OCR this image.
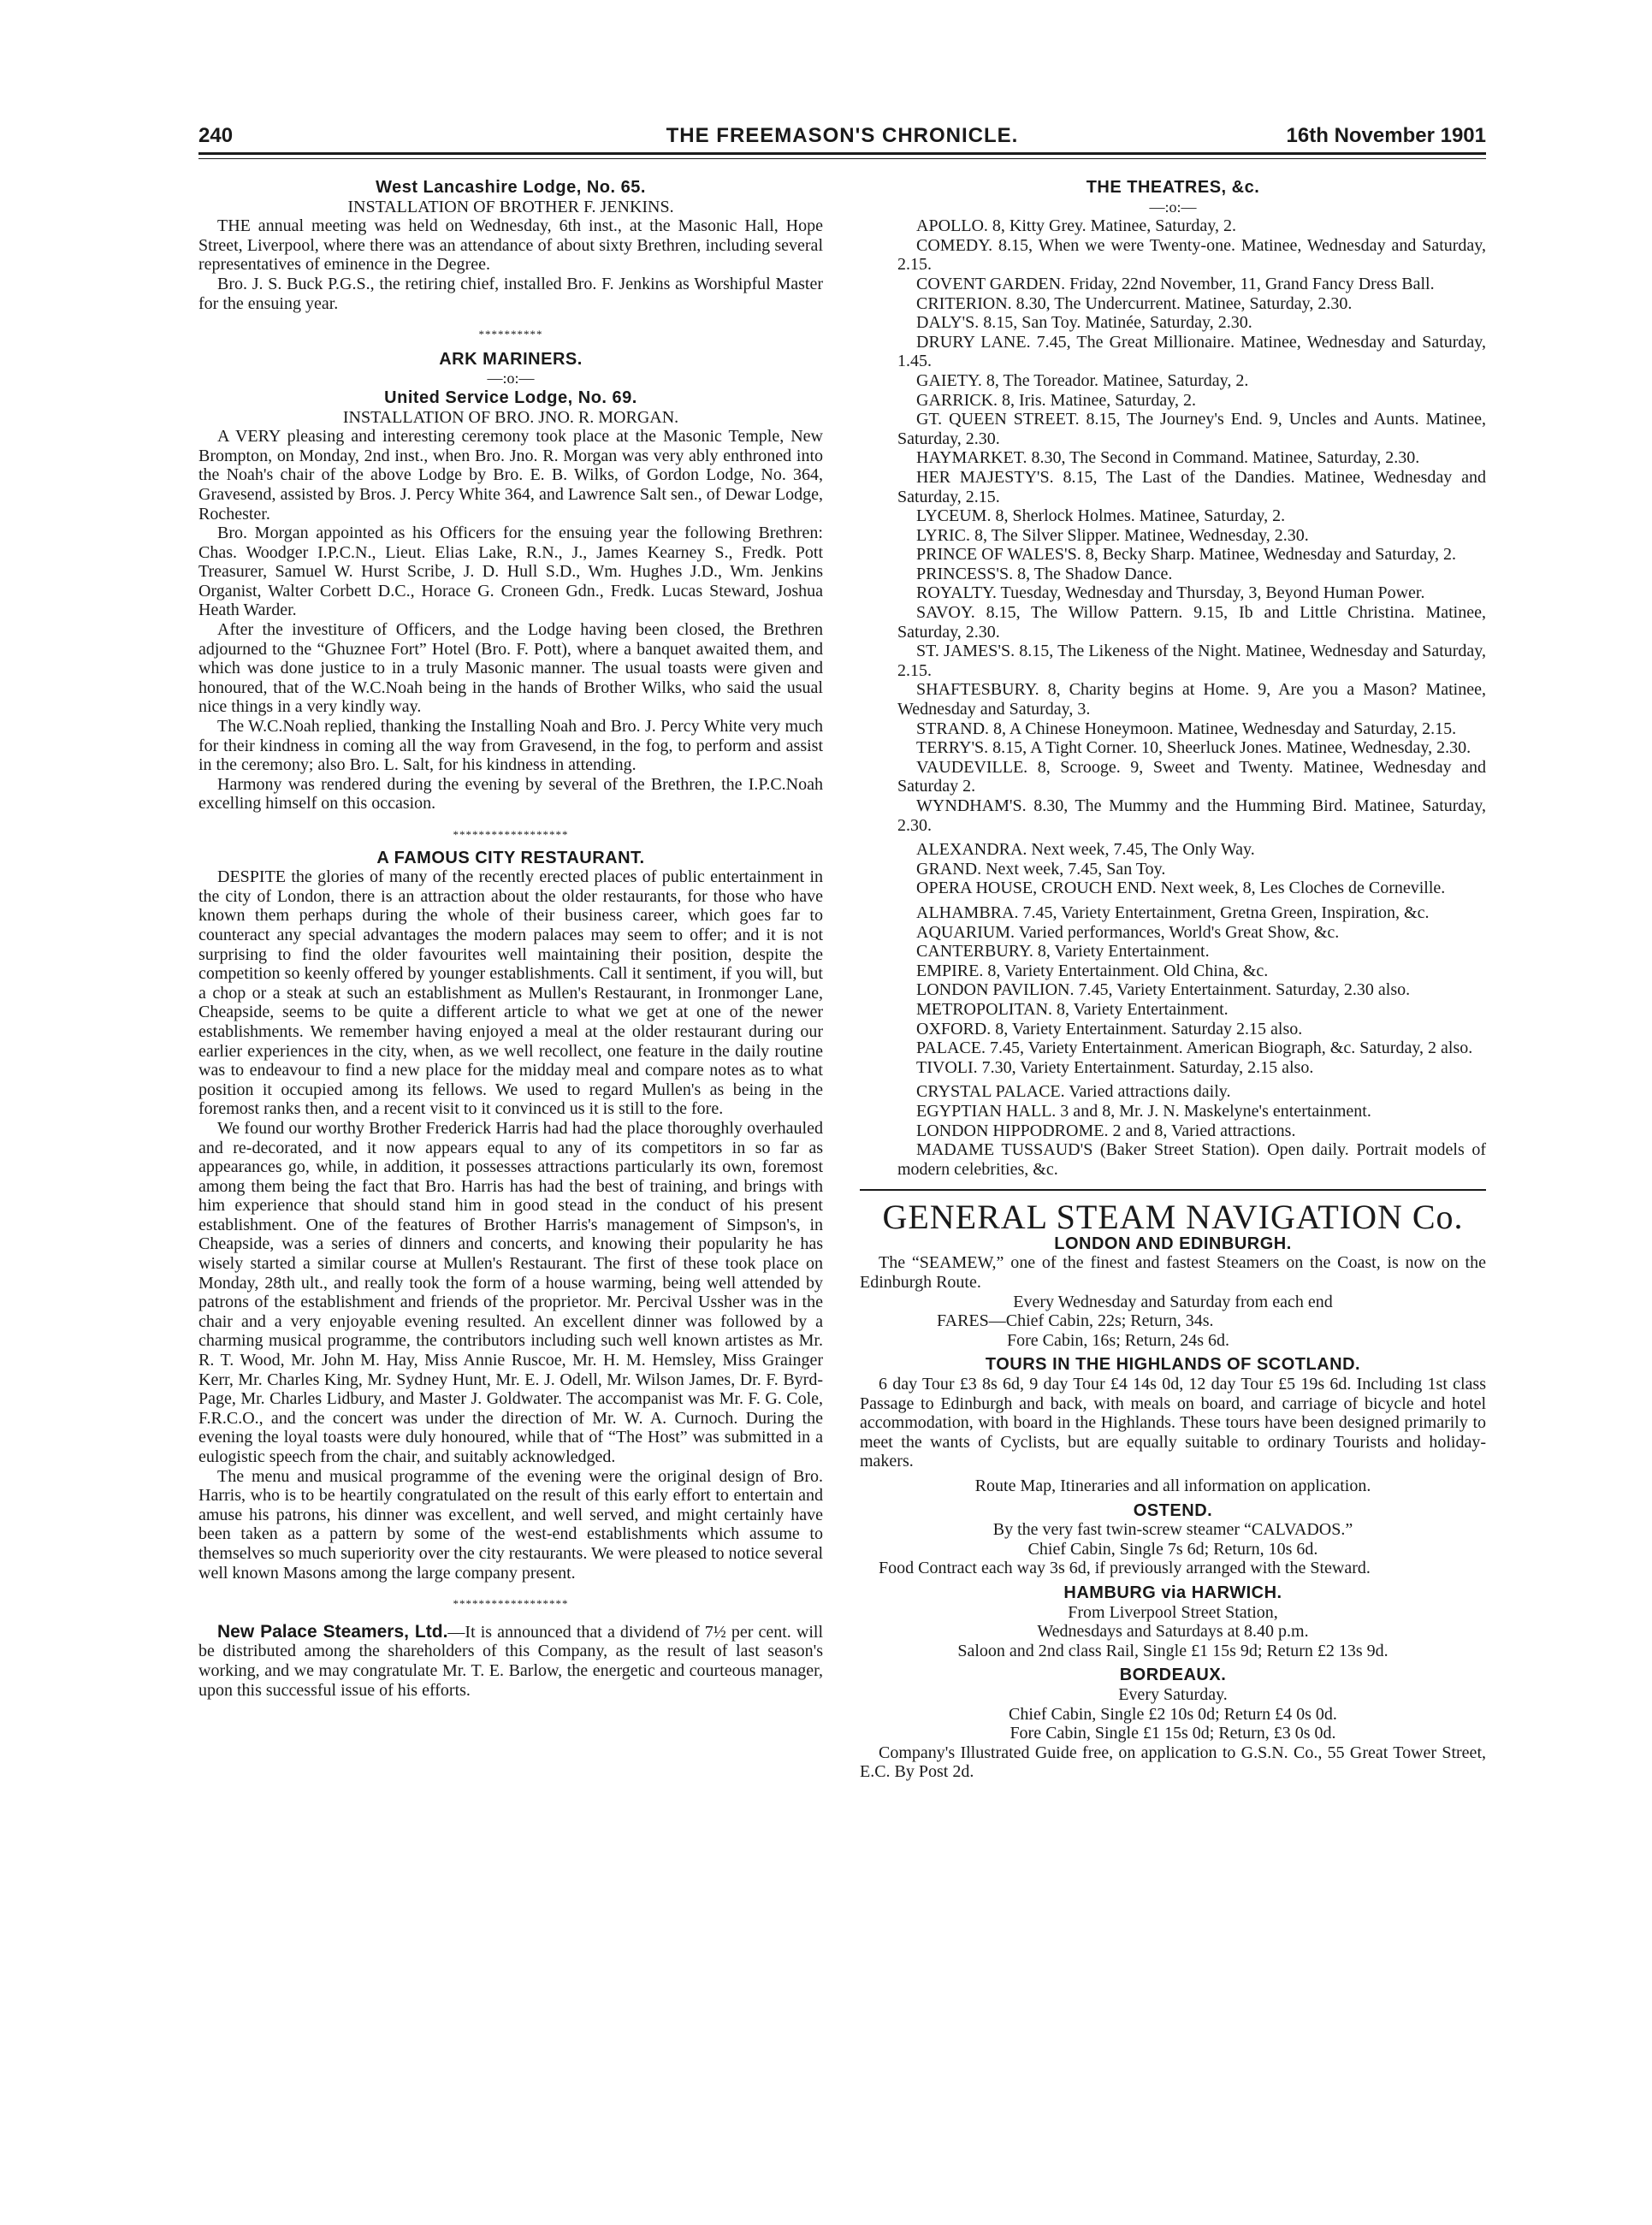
240	THE FREEMASON'S CHRONICLE.	16th November 1901
West Lancashire Lodge, No. 65.
INSTALLATION OF BROTHER F. JENKINS.

THE annual meeting was held on Wednesday, 6th inst., at the Masonic Hall, Hope Street, Liverpool, where there was an attendance of about sixty Brethren, including several representatives of eminence in the Degree.

Bro. J. S. Buck P.G.S., the retiring chief, installed Bro. F. Jenkins as Worshipful Master for the ensuing year.

**********
ARK MARINERS.
—:o:—
United Service Lodge, No. 69.
INSTALLATION OF BRO. JNO. R. MORGAN.

A VERY pleasing and interesting ceremony took place at the Masonic Temple, New Brompton, on Monday, 2nd inst., when Bro. Jno. R. Morgan was very ably enthroned into the Noah's chair of the above Lodge by Bro. E. B. Wilks, of Gordon Lodge, No. 364, Gravesend, assisted by Bros. J. Percy White 364, and Lawrence Salt sen., of Dewar Lodge, Rochester.

Bro. Morgan appointed as his Officers for the ensuing year the following Brethren: Chas. Woodger I.P.C.N., Lieut. Elias Lake, R.N., J., James Kearney S., Fredk. Pott Treasurer, Samuel W. Hurst Scribe, J. D. Hull S.D., Wm. Hughes J.D., Wm. Jenkins Organist, Walter Corbett D.C., Horace G. Croneen Gdn., Fredk. Lucas Steward, Joshua Heath Warder.

After the investiture of Officers, and the Lodge having been closed, the Brethren adjourned to the “Ghuznee Fort” Hotel (Bro. F. Pott), where a banquet awaited them, and which was done justice to in a truly Masonic manner. The usual toasts were given and honoured, that of the W.C.Noah being in the hands of Brother Wilks, who said the usual nice things in a very kindly way.

The W.C.Noah replied, thanking the Installing Noah and Bro. J. Percy White very much for their kindness in coming all the way from Gravesend, in the fog, to perform and assist in the ceremony; also Bro. L. Salt, for his kindness in attending.

Harmony was rendered during the evening by several of the Brethren, the I.P.C.Noah excelling himself on this occasion.

******************
A FAMOUS CITY RESTAURANT.

DESPITE the glories of many of the recently erected places of public entertainment in the city of London, there is an attraction about the older restaurants, for those who have known them perhaps during the whole of their business career, which goes far to counteract any special advantages the modern palaces may seem to offer; and it is not surprising to find the older favourites well maintaining their position, despite the competition so keenly offered by younger establishments. Call it sentiment, if you will, but a chop or a steak at such an establishment as Mullen's Restaurant, in Ironmonger Lane, Cheapside, seems to be quite a different article to what we get at one of the newer establishments. We remember having enjoyed a meal at the older restaurant during our earlier experiences in the city, when, as we well recollect, one feature in the daily routine was to endeavour to find a new place for the midday meal and compare notes as to what position it occupied among its fellows. We used to regard Mullen's as being in the foremost ranks then, and a recent visit to it convinced us it is still to the fore.

We found our worthy Brother Frederick Harris had had the place thoroughly overhauled and re-decorated, and it now appears equal to any of its competitors in so far as appearances go, while, in addition, it possesses attractions particularly its own, foremost among them being the fact that Bro. Harris has had the best of training, and brings with him experience that should stand him in good stead in the conduct of his present establishment. One of the features of Brother Harris's management of Simpson's, in Cheapside, was a series of dinners and concerts, and knowing their popularity he has wisely started a similar course at Mullen's Restaurant. The first of these took place on Monday, 28th ult., and really took the form of a house warming, being well attended by patrons of the establishment and friends of the proprietor. Mr. Percival Ussher was in the chair and a very enjoyable evening resulted. An excellent dinner was followed by a charming musical programme, the contributors including such well known artistes as Mr. R. T. Wood, Mr. John M. Hay, Miss Annie Ruscoe, Mr. H. M. Hemsley, Miss Grainger Kerr, Mr. Charles King, Mr. Sydney Hunt, Mr. E. J. Odell, Mr. Wilson James, Dr. F. Byrd-Page, Mr. Charles Lidbury, and Master J. Goldwater. The accompanist was Mr. F. G. Cole, F.R.C.O., and the concert was under the direction of Mr. W. A. Curnoch. During the evening the loyal toasts were duly honoured, while that of “The Host” was submitted in a eulogistic speech from the chair, and suitably acknowledged.

The menu and musical programme of the evening were the original design of Bro. Harris, who is to be heartily congratulated on the result of this early effort to entertain and amuse his patrons, his dinner was excellent, and well served, and might certainly have been taken as a pattern by some of the west-end establishments which assume to themselves so much superiority over the city restaurants. We were pleased to notice several well known Masons among the large company present.

******************

New Palace Steamers, Ltd.—It is announced that a dividend of 7½ per cent. will be distributed among the shareholders of this Company, as the result of last season's working, and we may congratulate Mr. T. E. Barlow, the energetic and courteous manager, upon this successful issue of his efforts.

THE THEATRES, &c.
—:o:—

APOLLO. 8, Kitty Grey. Matinee, Saturday, 2.

COMEDY. 8.15, When we were Twenty-one. Matinee, Wednesday and Saturday, 2.15.

COVENT GARDEN. Friday, 22nd November, 11, Grand Fancy Dress Ball.

CRITERION. 8.30, The Undercurrent. Matinee, Saturday, 2.30.

DALY'S. 8.15, San Toy. Matinée, Saturday, 2.30.

DRURY LANE. 7.45, The Great Millionaire. Matinee, Wednesday and Saturday, 1.45.

GAIETY. 8, The Toreador. Matinee, Saturday, 2.

GARRICK. 8, Iris. Matinee, Saturday, 2.

GT. QUEEN STREET. 8.15, The Journey's End. 9, Uncles and Aunts. Matinee, Saturday, 2.30.

HAYMARKET. 8.30, The Second in Command. Matinee, Saturday, 2.30.

HER MAJESTY'S. 8.15, The Last of the Dandies. Matinee, Wednesday and Saturday, 2.15.

LYCEUM. 8, Sherlock Holmes. Matinee, Saturday, 2.

LYRIC. 8, The Silver Slipper. Matinee, Wednesday, 2.30.

PRINCE OF WALES'S. 8, Becky Sharp. Matinee, Wednesday and Saturday, 2.

PRINCESS'S. 8, The Shadow Dance.

ROYALTY. Tuesday, Wednesday and Thursday, 3, Beyond Human Power.

SAVOY. 8.15, The Willow Pattern. 9.15, Ib and Little Christina. Matinee, Saturday, 2.30.

ST. JAMES'S. 8.15, The Likeness of the Night. Matinee, Wednesday and Saturday, 2.15.

SHAFTESBURY. 8, Charity begins at Home. 9, Are you a Mason? Matinee, Wednesday and Saturday, 3.

STRAND. 8, A Chinese Honeymoon. Matinee, Wednesday and Saturday, 2.15.

TERRY'S. 8.15, A Tight Corner. 10, Sheerluck Jones. Matinee, Wednesday, 2.30.

VAUDEVILLE. 8, Scrooge. 9, Sweet and Twenty. Matinee, Wednesday and Saturday 2.

WYNDHAM'S. 8.30, The Mummy and the Humming Bird. Matinee, Saturday, 2.30.

ALEXANDRA. Next week, 7.45, The Only Way.

GRAND. Next week, 7.45, San Toy.

OPERA HOUSE, CROUCH END. Next week, 8, Les Cloches de Corneville.

ALHAMBRA. 7.45, Variety Entertainment, Gretna Green, Inspiration, &c.

AQUARIUM. Varied performances, World's Great Show, &c.

CANTERBURY. 8, Variety Entertainment.

EMPIRE. 8, Variety Entertainment. Old China, &c.

LONDON PAVILION. 7.45, Variety Entertainment. Saturday, 2.30 also.

METROPOLITAN. 8, Variety Entertainment.

OXFORD. 8, Variety Entertainment. Saturday 2.15 also.

PALACE. 7.45, Variety Entertainment. American Biograph, &c. Saturday, 2 also.

TIVOLI. 7.30, Variety Entertainment. Saturday, 2.15 also.

CRYSTAL PALACE. Varied attractions daily.

EGYPTIAN HALL. 3 and 8, Mr. J. N. Maskelyne's entertainment.

LONDON HIPPODROME. 2 and 8, Varied attractions.

MADAME TUSSAUD'S (Baker Street Station). Open daily. Portrait models of modern celebrities, &c.

GENERAL STEAM NAVIGATION Co.
LONDON AND EDINBURGH.

The “SEAMEW,” one of the finest and fastest Steamers on the Coast, is now on the Edinburgh Route.

Every Wednesday and Saturday from each end

FARES—Chief Cabin, 22s; Return, 34s.

Fore Cabin, 16s; Return, 24s 6d.

TOURS IN THE HIGHLANDS OF SCOTLAND.

6 day Tour £3 8s 6d, 9 day Tour £4 14s 0d, 12 day Tour £5 19s 6d. Including 1st class Passage to Edinburgh and back, with meals on board, and carriage of bicycle and hotel accommodation, with board in the Highlands. These tours have been designed primarily to meet the wants of Cyclists, but are equally suitable to ordinary Tourists and holiday-makers.

Route Map, Itineraries and all information on application.

OSTEND.

By the very fast twin-screw steamer “CALVADOS.”

Chief Cabin, Single 7s 6d; Return, 10s 6d.

Food Contract each way 3s 6d, if previously arranged with the Steward.

HAMBURG via HARWICH.

From Liverpool Street Station,

Wednesdays and Saturdays at 8.40 p.m.

Saloon and 2nd class Rail, Single £1 15s 9d; Return £2 13s 9d.

BORDEAUX.

Every Saturday.

Chief Cabin, Single £2 10s 0d; Return £4 0s 0d.

Fore Cabin, Single £1 15s 0d; Return, £3 0s 0d.

Company's Illustrated Guide free, on application to G.S.N. Co., 55 Great Tower Street, E.C. By Post 2d.
